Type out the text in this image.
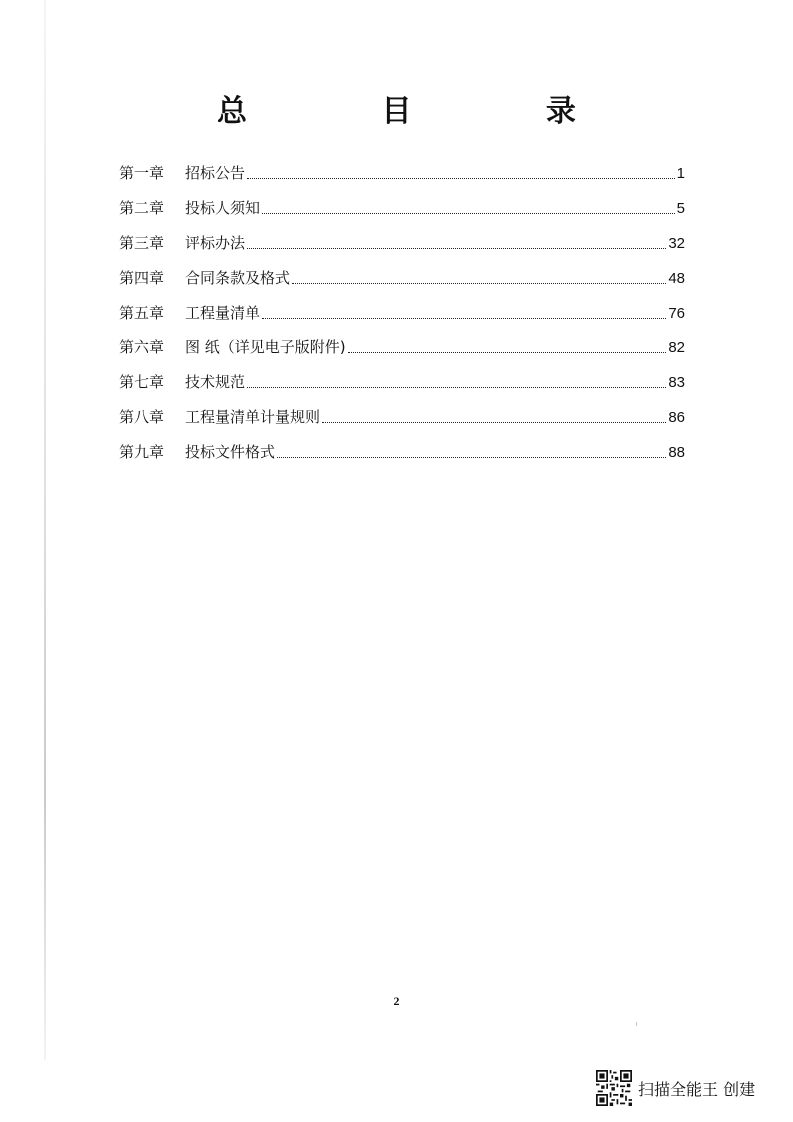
总 目 录
第一章	招标公告	1
第二章	投标人须知	5
第三章	评标办法	32
第四章	合同条款及格式	48
第五章	工程量清单	76
第六章	图 纸（详见电子版附件)	82
第七章	技术规范	83
第八章	工程量清单计量规则	86
第九章	投标文件格式	88
2
扫描全能王 创建
